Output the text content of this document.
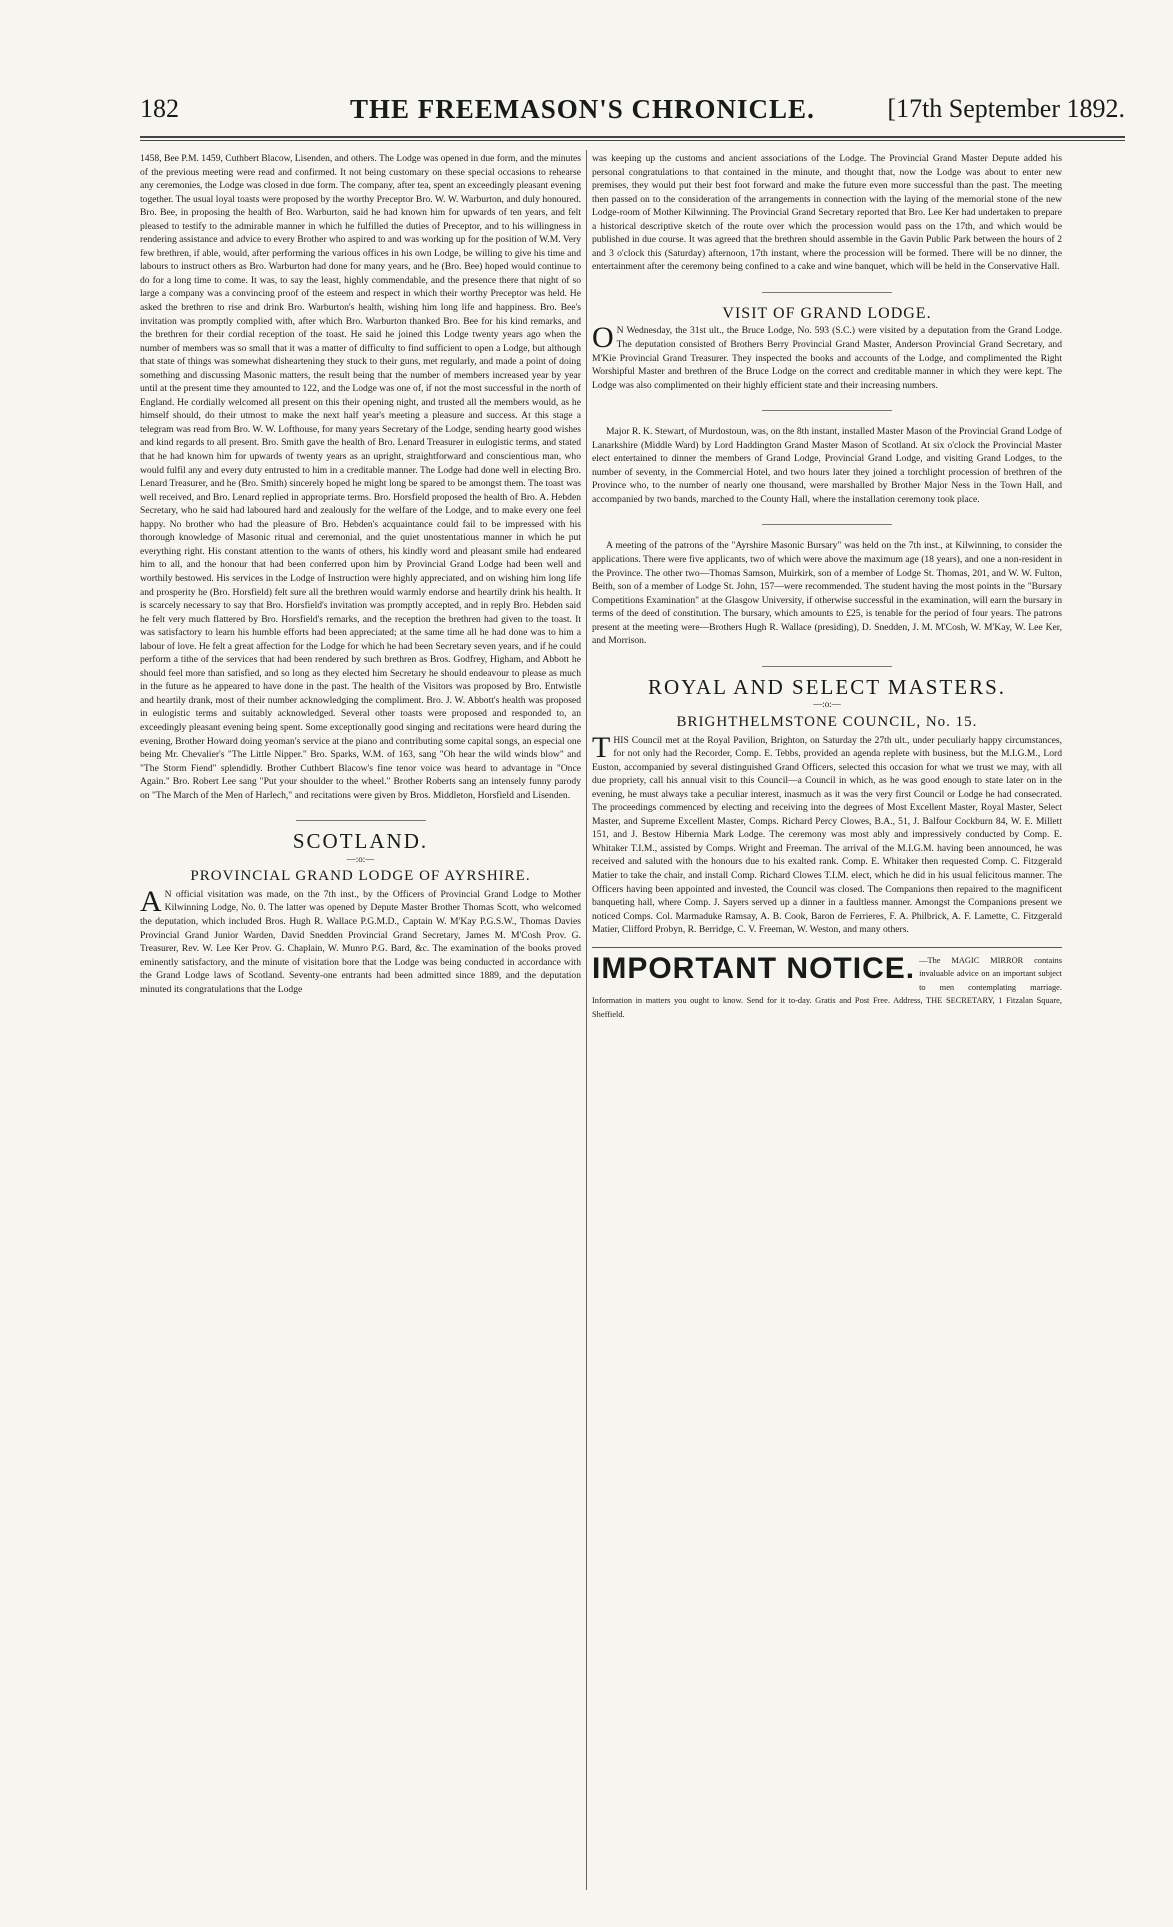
182	THE FREEMASON'S CHRONICLE.	[17th September 1892.

1458, Bee P.M. 1459, Cuthbert Blacow, Lisenden, and others. The Lodge was opened in due form, and the minutes of the previous meeting were read and confirmed. It not being customary on these special occasions to rehearse any ceremonies, the Lodge was closed in due form. The company, after tea, spent an exceedingly pleasant evening together. The usual loyal toasts were proposed by the worthy Preceptor Bro. W. W. Warburton, and duly honoured. Bro. Bee, in proposing the health of Bro. Warburton, said he had known him for upwards of ten years, and felt pleased to testify to the admirable manner in which he fulfilled the duties of Preceptor, and to his willingness in rendering assistance and advice to every Brother who aspired to and was working up for the position of W.M. Very few brethren, if able, would, after performing the various offices in his own Lodge, be willing to give his time and labours to instruct others as Bro. Warburton had done for many years, and he (Bro. Bee) hoped would continue to do for a long time to come. It was, to say the least, highly commendable, and the presence there that night of so large a company was a convincing proof of the esteem and respect in which their worthy Preceptor was held. He asked the brethren to rise and drink Bro. Warburton's health, wishing him long life and happiness. Bro. Bee's invitation was promptly complied with, after which Bro. Warburton thanked Bro. Bee for his kind remarks, and the brethren for their cordial reception of the toast. He said he joined this Lodge twenty years ago when the number of members was so small that it was a matter of difficulty to find sufficient to open a Lodge, but although that state of things was somewhat disheartening they stuck to their guns, met regularly, and made a point of doing something and discussing Masonic matters, the result being that the number of members increased year by year until at the present time they amounted to 122, and the Lodge was one of, if not the most successful in the north of England. He cordially welcomed all present on this their opening night, and trusted all the members would, as he himself should, do their utmost to make the next half year's meeting a pleasure and success. At this stage a telegram was read from Bro. W. W. Lofthouse, for many years Secretary of the Lodge, sending hearty good wishes and kind regards to all present. Bro. Smith gave the health of Bro. Lenard Treasurer in eulogistic terms, and stated that he had known him for upwards of twenty years as an upright, straightforward and conscientious man, who would fulfil any and every duty entrusted to him in a creditable manner. The Lodge had done well in electing Bro. Lenard Treasurer, and he (Bro. Smith) sincerely hoped he might long be spared to be amongst them. The toast was well received, and Bro. Lenard replied in appropriate terms. Bro. Horsfield proposed the health of Bro. A. Hebden Secretary, who he said had laboured hard and zealously for the welfare of the Lodge, and to make every one feel happy. No brother who had the pleasure of Bro. Hebden's acquaintance could fail to be impressed with his thorough knowledge of Masonic ritual and ceremonial, and the quiet unostentatious manner in which he put everything right. His constant attention to the wants of others, his kindly word and pleasant smile had endeared him to all, and the honour that had been conferred upon him by Provincial Grand Lodge had been well and worthily bestowed. His services in the Lodge of Instruction were highly appreciated, and on wishing him long life and prosperity he (Bro. Horsfield) felt sure all the brethren would warmly endorse and heartily drink his health. It is scarcely necessary to say that Bro. Horsfield's invitation was promptly accepted, and in reply Bro. Hebden said he felt very much flattered by Bro. Horsfield's remarks, and the reception the brethren had given to the toast. It was satisfactory to learn his humble efforts had been appreciated; at the same time all he had done was to him a labour of love. He felt a great affection for the Lodge for which he had been Secretary seven years, and if he could perform a tithe of the services that had been rendered by such brethren as Bros. Godfrey, Higham, and Abbott he should feel more than satisfied, and so long as they elected him Secretary he should endeavour to please as much in the future as he appeared to have done in the past. The health of the Visitors was proposed by Bro. Entwistle and heartily drank, most of their number acknowledging the compliment. Bro. J. W. Abbott's health was proposed in eulogistic terms and suitably acknowledged. Several other toasts were proposed and responded to, an exceedingly pleasant evening being spent. Some exceptionally good singing and recitations were heard during the evening, Brother Howard doing yeoman's service at the piano and contributing some capital songs, an especial one being Mr. Chevalier's "The Little Nipper." Bro. Sparks, W.M. of 163, sang "Oh hear the wild winds blow" and "The Storm Fiend" splendidly. Brother Cuthbert Blacow's fine tenor voice was heard to advantage in "Once Again." Bro. Robert Lee sang "Put your shoulder to the wheel." Brother Roberts sang an intensely funny parody on "The March of the Men of Harlech," and recitations were given by Bros. Middleton, Horsfield and Lisenden.

SCOTLAND.
—:o:—
PROVINCIAL GRAND LODGE OF AYRSHIRE.

A N official visitation was made, on the 7th inst., by the Officers of Provincial Grand Lodge to Mother Kilwinning Lodge, No. 0. The latter was opened by Depute Master Brother Thomas Scott, who welcomed the deputation, which included Bros. Hugh R. Wallace P.G.M.D., Captain W. M'Kay P.G.S.W., Thomas Davies Provincial Grand Junior Warden, David Snedden Provincial Grand Secretary, James M. M'Cosh Prov. G. Treasurer, Rev. W. Lee Ker Prov. G. Chaplain, W. Munro P.G. Bard, &c. The examination of the books proved eminently satisfactory, and the minute of visitation bore that the Lodge was being conducted in accordance with the Grand Lodge laws of Scotland. Seventy-one entrants had been admitted since 1889, and the deputation minuted its congratulations that the Lodge

was keeping up the customs and ancient associations of the Lodge. The Provincial Grand Master Depute added his personal congratulations to that contained in the minute, and thought that, now the Lodge was about to enter new premises, they would put their best foot forward and make the future even more successful than the past. The meeting then passed on to the consideration of the arrangements in connection with the laying of the memorial stone of the new Lodge-room of Mother Kilwinning. The Provincial Grand Secretary reported that Bro. Lee Ker had undertaken to prepare a historical descriptive sketch of the route over which the procession would pass on the 17th, and which would be published in due course. It was agreed that the brethren should assemble in the Gavin Public Park between the hours of 2 and 3 o'clock this (Saturday) afternoon, 17th instant, where the procession will be formed. There will be no dinner, the entertainment after the ceremony being confined to a cake and wine banquet, which will be held in the Conservative Hall.

VISIT OF GRAND LODGE.

O N Wednesday, the 31st ult., the Bruce Lodge, No. 593 (S.C.) were visited by a deputation from the Grand Lodge. The deputation consisted of Brothers Berry Provincial Grand Master, Anderson Provincial Grand Secretary, and M'Kie Provincial Grand Treasurer. They inspected the books and accounts of the Lodge, and complimented the Right Worshipful Master and brethren of the Bruce Lodge on the correct and creditable manner in which they were kept. The Lodge was also complimented on their highly efficient state and their increasing numbers.

Major R. K. Stewart, of Murdostoun, was, on the 8th instant, installed Master Mason of the Provincial Grand Lodge of Lanarkshire (Middle Ward) by Lord Haddington Grand Master Mason of Scotland. At six o'clock the Provincial Master elect entertained to dinner the members of Grand Lodge, Provincial Grand Lodge, and visiting Grand Lodges, to the number of seventy, in the Commercial Hotel, and two hours later they joined a torchlight procession of brethren of the Province who, to the number of nearly one thousand, were marshalled by Brother Major Ness in the Town Hall, and accompanied by two bands, marched to the County Hall, where the installation ceremony took place.

A meeting of the patrons of the "Ayrshire Masonic Bursary" was held on the 7th inst., at Kilwinning, to consider the applications. There were five applicants, two of which were above the maximum age (18 years), and one a non-resident in the Province. The other two—Thomas Samson, Muirkirk, son of a member of Lodge St. Thomas, 201, and W. W. Fulton, Beith, son of a member of Lodge St. John, 157—were recommended. The student having the most points in the "Bursary Competitions Examination" at the Glasgow University, if otherwise successful in the examination, will earn the bursary in terms of the deed of constitution. The bursary, which amounts to £25, is tenable for the period of four years. The patrons present at the meeting were—Brothers Hugh R. Wallace (presiding), D. Snedden, J. M. M'Cosh, W. M'Kay, W. Lee Ker, and Morrison.

ROYAL AND SELECT MASTERS.
—:o:—
BRIGHTHELMSTONE COUNCIL, No. 15.

THIS Council met at the Royal Pavilion, Brighton, on Saturday the 27th ult., under peculiarly happy circumstances, for not only had the Recorder, Comp. E. Tebbs, provided an agenda replete with business, but the M.I.G.M., Lord Euston, accompanied by several distinguished Grand Officers, selected this occasion for what we trust we may, with all due propriety, call his annual visit to this Council—a Council in which, as he was good enough to state later on in the evening, he must always take a peculiar interest, inasmuch as it was the very first Council or Lodge he had consecrated. The proceedings commenced by electing and receiving into the degrees of Most Excellent Master, Royal Master, Select Master, and Supreme Excellent Master, Comps. Richard Percy Clowes, B.A., 51, J. Balfour Cockburn 84, W. E. Millett 151, and J. Bestow Hibernia Mark Lodge. The ceremony was most ably and impressively conducted by Comp. E. Whitaker T.I.M., assisted by Comps. Wright and Freeman. The arrival of the M.I.G.M. having been announced, he was received and saluted with the honours due to his exalted rank. Comp. E. Whitaker then requested Comp. C. Fitzgerald Matier to take the chair, and install Comp. Richard Clowes T.I.M. elect, which he did in his usual felicitous manner. The Officers having been appointed and invested, the Council was closed. The Companions then repaired to the magnificent banqueting hall, where Comp. J. Sayers served up a dinner in a faultless manner. Amongst the Companions present we noticed Comps. Col. Marmaduke Ramsay, A. B. Cook, Baron de Ferrieres, F. A. Philbrick, A. F. Lamette, C. Fitzgerald Matier, Clifford Probyn, R. Berridge, C. V. Freeman, W. Weston, and many others.

IMPORTANT NOTICE. —The MAGIC MIRROR contains invaluable advice on an important subject to men contemplating marriage. Information in matters you ought to know. Send for it to-day. Gratis and Post Free. Address, THE SECRETARY, 1 Fitzalan Square, Sheffield.
